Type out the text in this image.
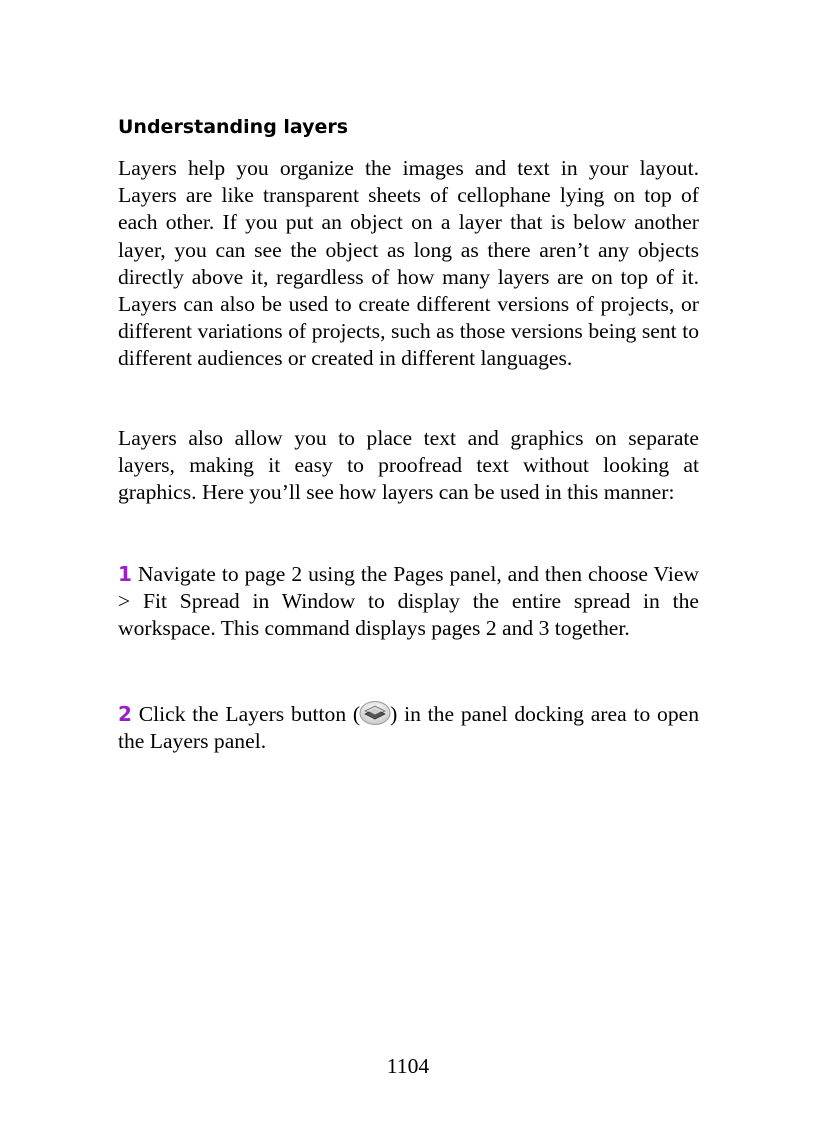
Understanding layers

Layers help you organize the images and text in your layout. Layers are like transparent sheets of cellophane lying on top of each other. If you put an object on a layer that is below another layer, you can see the object as long as there aren’t any objects directly above it, regardless of how many layers are on top of it. Layers can also be used to create different versions of projects, or different variations of projects, such as those versions being sent to different audiences or created in different languages.

Layers also allow you to place text and graphics on separate layers, making it easy to proofread text without looking at graphics. Here you’ll see how layers can be used in this manner:

1 Navigate to page 2 using the Pages panel, and then choose View > Fit Spread in Window to display the entire spread in the workspace. This command displays pages 2 and 3 together.

2 Click the Layers button ( ) in the panel docking area to open the Layers panel.

1104
